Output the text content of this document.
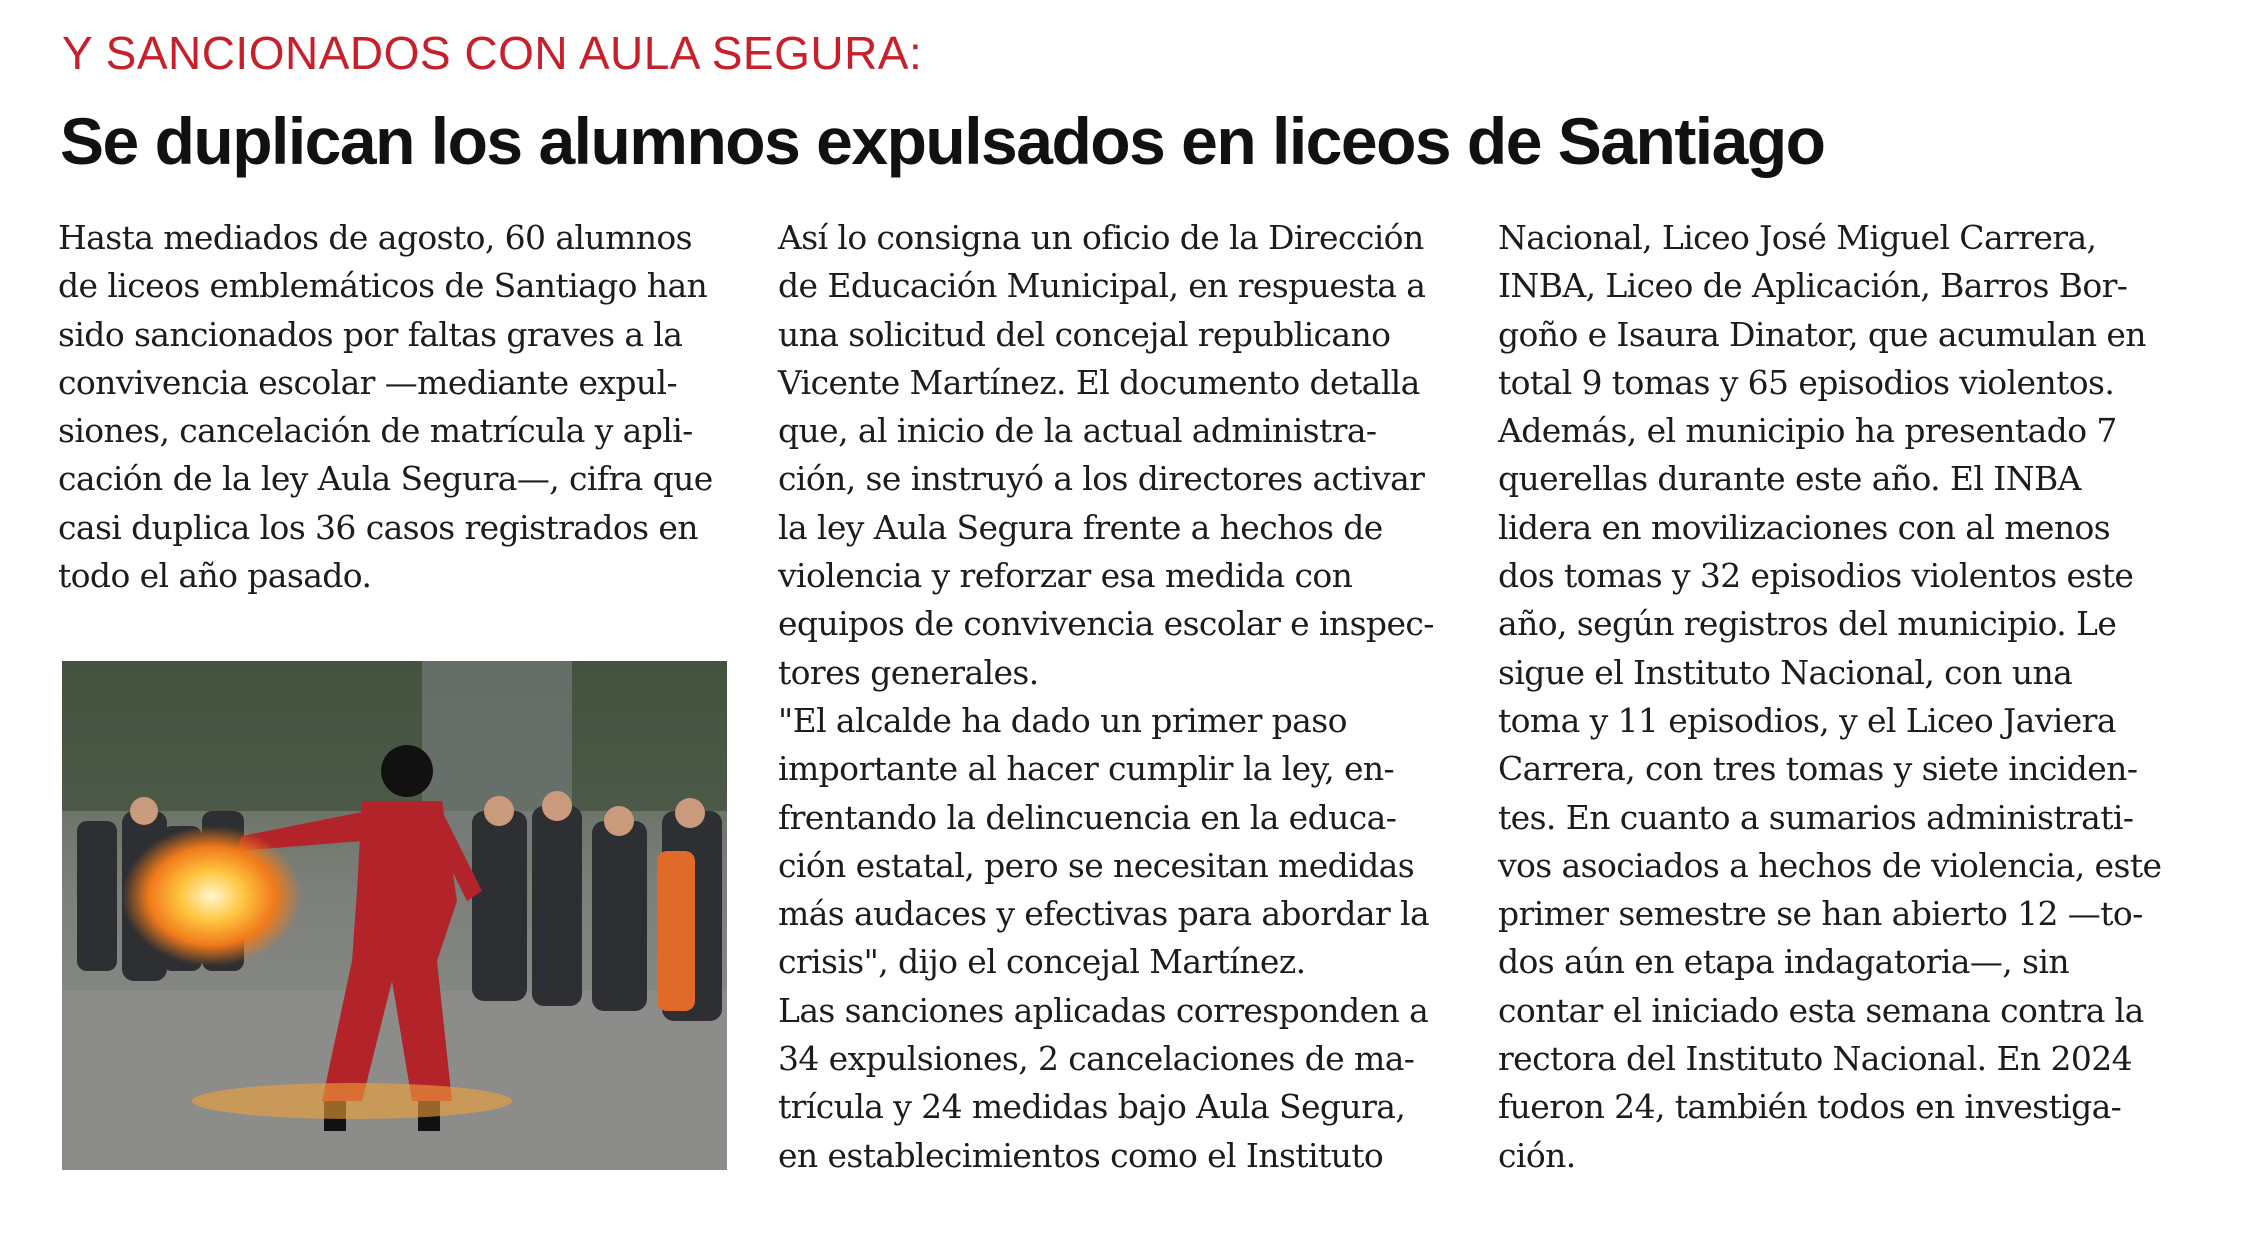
Y SANCIONADOS CON AULA SEGURA:
Se duplican los alumnos expulsados en liceos de Santiago
Hasta mediados de agosto, 60 alumnos
de liceos emblemáticos de Santiago han
sido sancionados por faltas graves a la
convivencia escolar —mediante expul-
siones, cancelación de matrícula y apli-
cación de la ley Aula Segura—, cifra que
casi duplica los 36 casos registrados en
todo el año pasado.
Así lo consigna un oficio de la Dirección
de Educación Municipal, en respuesta a
una solicitud del concejal republicano
Vicente Martínez. El documento detalla
que, al inicio de la actual administra-
ción, se instruyó a los directores activar
la ley Aula Segura frente a hechos de
violencia y reforzar esa medida con
equipos de convivencia escolar e inspec-
tores generales.
"El alcalde ha dado un primer paso
importante al hacer cumplir la ley, en-
frentando la delincuencia en la educa-
ción estatal, pero se necesitan medidas
más audaces y efectivas para abordar la
crisis", dijo el concejal Martínez.
Las sanciones aplicadas corresponden a
34 expulsiones, 2 cancelaciones de ma-
trícula y 24 medidas bajo Aula Segura,
en establecimientos como el Instituto
Nacional, Liceo José Miguel Carrera,
INBA, Liceo de Aplicación, Barros Bor-
goño e Isaura Dinator, que acumulan en
total 9 tomas y 65 episodios violentos.
Además, el municipio ha presentado 7
querellas durante este año. El INBA
lidera en movilizaciones con al menos
dos tomas y 32 episodios violentos este
año, según registros del municipio. Le
sigue el Instituto Nacional, con una
toma y 11 episodios, y el Liceo Javiera
Carrera, con tres tomas y siete inciden-
tes. En cuanto a sumarios administrati-
vos asociados a hechos de violencia, este
primer semestre se han abierto 12 —to-
dos aún en etapa indagatoria—, sin
contar el iniciado esta semana contra la
rectora del Instituto Nacional. En 2024
fueron 24, también todos en investiga-
ción.
